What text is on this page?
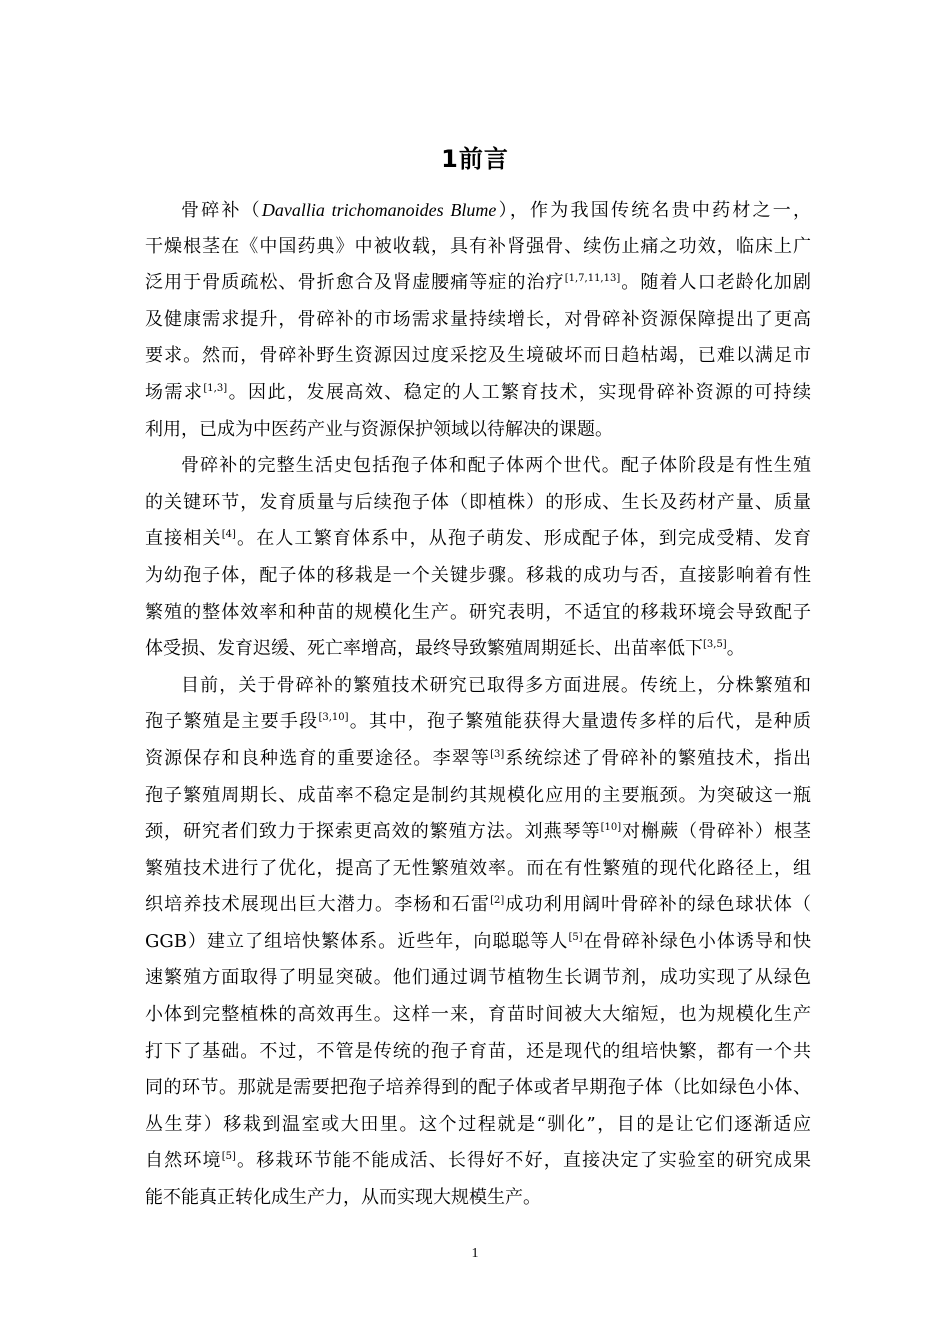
1前言
骨碎补（Davallia trichomanoides Blume），作为我国传统名贵中药材之一，
干燥根茎在《中国药典》中被收载，具有补肾强骨、续伤止痛之功效，临床上广
泛用于骨质疏松、骨折愈合及肾虚腰痛等症的治疗[1,7,11,13]。随着人口老龄化加剧
及健康需求提升，骨碎补的市场需求量持续增长，对骨碎补资源保障提出了更高
要求。然而，骨碎补野生资源因过度采挖及生境破坏而日趋枯竭，已难以满足市
场需求[1,3]。因此，发展高效、稳定的人工繁育技术，实现骨碎补资源的可持续
利用，已成为中医药产业与资源保护领域以待解决的课题。
骨碎补的完整生活史包括孢子体和配子体两个世代。配子体阶段是有性生殖
的关键环节，发育质量与后续孢子体（即植株）的形成、生长及药材产量、质量
直接相关[4]。在人工繁育体系中，从孢子萌发、形成配子体，到完成受精、发育
为幼孢子体，配子体的移栽是一个关键步骤。移栽的成功与否，直接影响着有性
繁殖的整体效率和种苗的规模化生产。研究表明，不适宜的移栽环境会导致配子
体受损、发育迟缓、死亡率增高，最终导致繁殖周期延长、出苗率低下[3,5]。
目前，关于骨碎补的繁殖技术研究已取得多方面进展。传统上，分株繁殖和
孢子繁殖是主要手段[3,10]。其中，孢子繁殖能获得大量遗传多样的后代，是种质
资源保存和良种选育的重要途径。李翠等[3]系统综述了骨碎补的繁殖技术，指出
孢子繁殖周期长、成苗率不稳定是制约其规模化应用的主要瓶颈。为突破这一瓶
颈，研究者们致力于探索更高效的繁殖方法。刘燕琴等[10]对槲蕨（骨碎补）根茎
繁殖技术进行了优化，提高了无性繁殖效率。而在有性繁殖的现代化路径上，组
织培养技术展现出巨大潜力。李杨和石雷[2]成功利用阔叶骨碎补的绿色球状体（
GGB）建立了组培快繁体系。近些年，向聪聪等人[5]在骨碎补绿色小体诱导和快
速繁殖方面取得了明显突破。他们通过调节植物生长调节剂，成功实现了从绿色
小体到完整植株的高效再生。这样一来，育苗时间被大大缩短，也为规模化生产
打下了基础。不过，不管是传统的孢子育苗，还是现代的组培快繁，都有一个共
同的环节。那就是需要把孢子培养得到的配子体或者早期孢子体（比如绿色小体、
丛生芽）移栽到温室或大田里。这个过程就是“驯化”，目的是让它们逐渐适应
自然环境[5]。移栽环节能不能成活、长得好不好，直接决定了实验室的研究成果
能不能真正转化成生产力，从而实现大规模生产。
1
